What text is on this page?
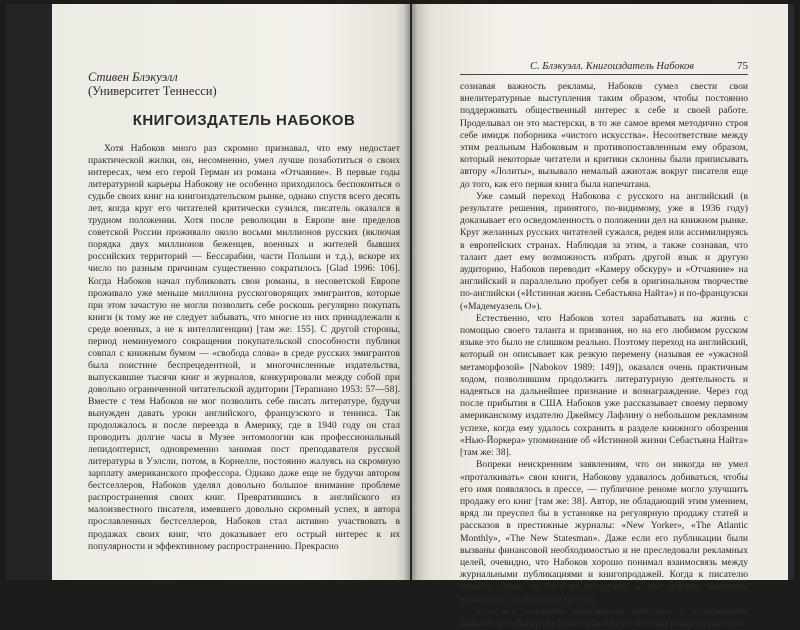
Стивен Блэкуэлл
(Университет Теннесси)
КНИГОИЗДАТЕЛЬ НАБОКОВ

Хотя Набоков много раз скромно признавал, что ему недостает практической жилки, он, несомненно, умел лучше позаботиться о своих интересах, чем его герой Герман из романа «Отчаяние». В первые годы литературной карьеры Набокову не особенно приходилось беспокоиться о судьбе своих книг на книгоиздательском рынке, однако спустя всего десять лет, когда круг его читателей критически сузился, писатель оказался в трудном положении. Хотя после революции в Европе вне пределов советской России проживало около восьми миллионов русских (включая порядка двух миллионов беженцев, военных и жителей бывших российских территорий — Бессарабии, части Польши и т.д.), вскоре их число по разным причинам существенно сократилось [Glad 1996: 106]. Когда Набоков начал публиковать свои романы, в несоветской Европе проживало уже меньше миллиона русскоговорящих эмигрантов, которые при этом зачастую не могли позволить себе роскошь регулярно покупать книги (к тому же не следует забывать, что многие из них принадлежали к среде военных, а не к интеллигенции) [там же: 155]. С другой стороны, период неминуемого сокращения покупательской способности публики совпал с книжным бумом — «свобода слова» в среде русских эмигрантов была поистине беспрецедентной, и многочисленные издательства, выпускавшие тысячи книг и журналов, конкурировали между собой при довольно ограниченной читательской аудитории [Терапиано 1953: 57—58]. Вместе с тем Набоков не мог позволить себе писать литературе, будучи вынужден давать уроки английского, французского и тенниса. Так продолжалось и после переезда в Америку, где в 1940 году он стал проводить долгие часы в Музее энтомологии как профессиональный лепидоптерист, одновременно занимая пост преподавателя русской литературы в Уэлсли, потом, в Корнелле, постоянно жалуясь на скромную зарплату американского профессора. Однако даже еще не будучи автором бестселлеров, Набоков уделял довольно большое внимание проблеме распространения своих книг. Превратившись в английского из малоизвестного писателя, имевшего довольно скромный успех, в автора прославленных бестселлеров, Набоков стал активно участвовать в продажах своих книг, что доказывает его острый интерес к их популярности и эффективному распространению. Прекрасно

С. Блэкуэлл. Книгоиздатель Набоков	75

сознавая важность рекламы, Набоков сумел свести свои внелитературные выступления таким образом, чтобы постоянно поддерживать общественный интерес к себе и своей работе. Проделывал он это мастерски, в то же самое время методично строя себе имидж поборника «чистого искусства». Несоответствие между этим реальным Набоковым и противопоставленным ему образом, который некоторые читатели и критики склонны были приписывать автору «Лолиты», вызывало немалый ажиотаж вокруг писателя еще до того, как его первая книга была напечатана.

Уже самый переход Набокова с русского на английский (в результате решения, принятого, по-видимому, уже в 1936 году) доказывает его осведомленность о положении дел на книжном рынке. Круг желанных русских читателей сужался, редея или ассимилируясь в европейских странах. Наблюдая за этим, а также сознавая, что талант дает ему возможность избрать другой язык и другую аудиторию, Набоков переводит «Камеру обскуру» и «Отчаяние» на английский и параллельно пробует себя в оригинальном творчестве по-английски («Истинная жизнь Себастьяна Найта») и по-французски («Мадемуазель О»).

Естественно, что Набоков хотел зарабатывать на жизнь с помощью своего таланта и призвания, но на его любимом русском языке это было не слишком реально. Поэтому переход на английский, который он описывает как резкую перемену (называя ее «ужасной метаморфозой» [Nabokov 1989: 149]), оказался очень практичным ходом, позволившим продолжить литературную деятельность и надеяться на дальнейшее признание и вознаграждение. Через год после прибытия в США Набоков уже рассказывает своему первому американскому издателю Джеймсу Лафлину о небольшом рекламном успехе, когда ему удалось сохранить в разделе книжного обозрения «Нью-Йоркера» упоминание об «Истинной жизни Себастьяна Найта» [там же: 38].

Вопреки неискренним заявлениям, что он никогда не умел «проталкивать» свои книги, Набокову удавалось добиваться, чтобы его имя появлялось в прессе, — публичное реноме могло улучшить продажу его книг [там же: 38]. Автор, не обладающий этим умением, вряд ли преуспел бы в установке на регулярную продажу статей и рассказов в престижные журналы: «New Yorker», «The Atlantic Monthly», «The New Statesman». Даже если его публикации были вызваны финансовой необходимостью и не преследовали рекламных целей, очевидно, что Набоков хорошо понимал взаимосвязь между журнальными публикациями и книгопродажей. Когда к писателю пришла слава, он был во всеоружии и мог извлечь максимум возможного из внимания прессы.

Есть все основания скептически отнестись к утверждению набоковского биографа Брайана Бойда, по мнению которого писатель
